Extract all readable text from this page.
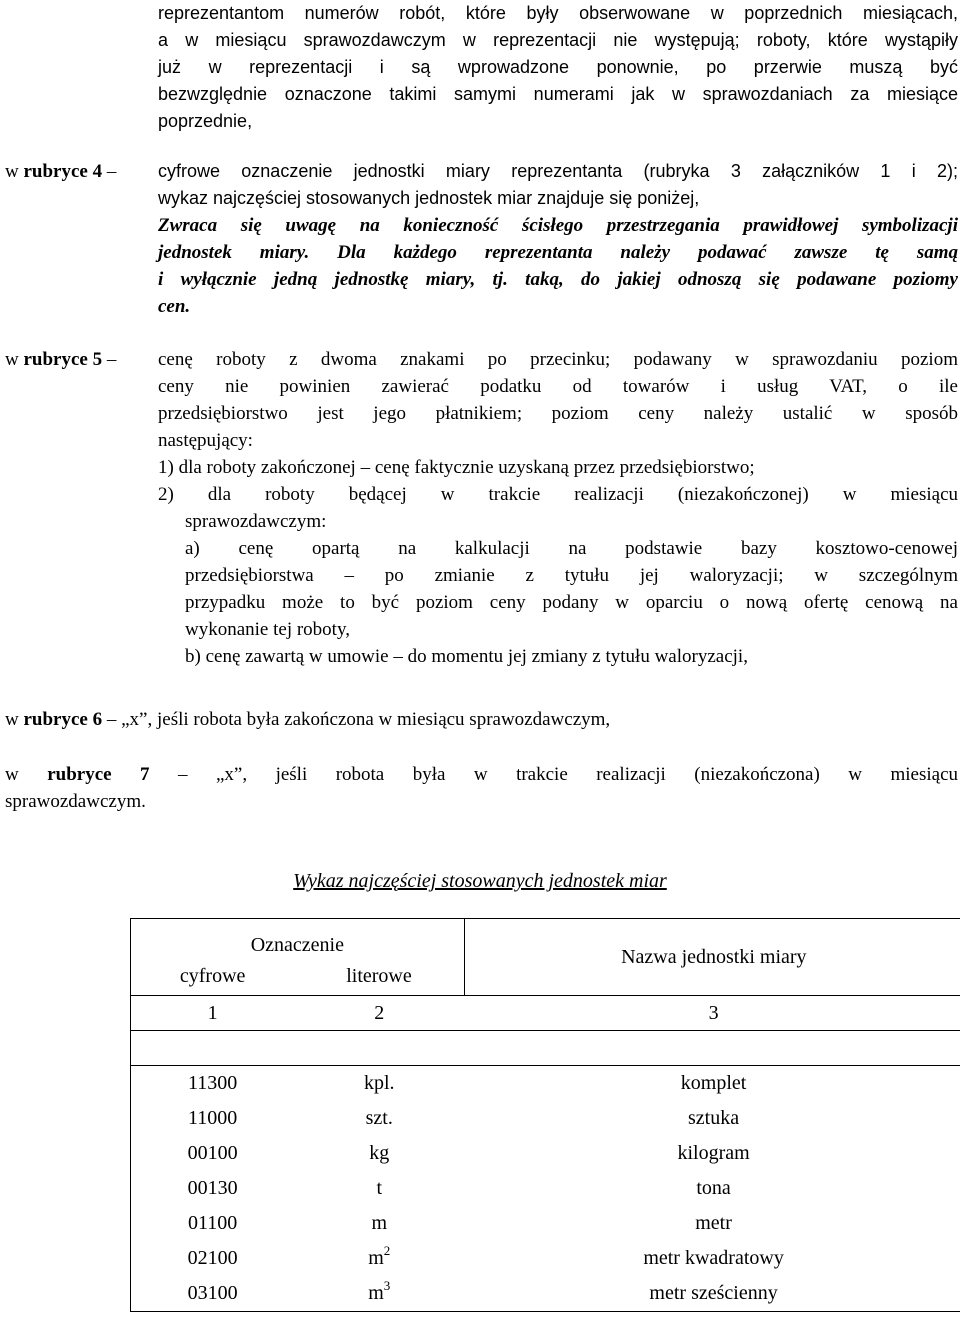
reprezentantom numerów robót, które były obserwowane w poprzednich miesiącach,

a w miesiącu sprawozdawczym w reprezentacji nie występują; roboty, które wystąpiły

już w reprezentacji i są wprowadzone ponownie, po przerwie muszą być

bezwzględnie oznaczone takimi samymi numerami jak w sprawozdaniach za miesiące

poprzednie,

w rubryce 4 – cyfrowe oznaczenie jednostki miary reprezentanta (rubryka 3 załączników 1 i 2);

wykaz najczęściej stosowanych jednostek miar znajduje się poniżej,

Zwraca się uwagę na konieczność ścisłego przestrzegania prawidłowej symbolizacji

jednostek miary. Dla każdego reprezentanta należy podawać zawsze tę samą

i wyłącznie jedną jednostkę miary, tj. taką, do jakiej odnoszą się podawane poziomy

cen.

w rubryce 5 – cenę roboty z dwoma znakami po przecinku; podawany w sprawozdaniu poziom

ceny nie powinien zawierać podatku od towarów i usług VAT, o ile

przedsiębiorstwo jest jego płatnikiem; poziom ceny należy ustalić w sposób

następujący:

1) dla roboty zakończonej – cenę faktycznie uzyskaną przez przedsiębiorstwo;

2) dla roboty będącej w trakcie realizacji (niezakończonej) w miesiącu

sprawozdawczym:

a) cenę opartą na kalkulacji na podstawie bazy kosztowo-cenowej

przedsiębiorstwa – po zmianie z tytułu jej waloryzacji; w szczególnym

przypadku może to być poziom ceny podany w oparciu o nową ofertę cenową na

wykonanie tej roboty,

b) cenę zawartą w umowie – do momentu jej zmiany z tytułu waloryzacji,

w rubryce 6 – „x”, jeśli robota była zakończona w miesiącu sprawozdawczym,

w rubryce 7 – „x”, jeśli robota była w trakcie realizacji (niezakończona) w miesiącu

sprawozdawczym.

Wykaz najczęściej stosowanych jednostek miar
Oznaczenie		Nazwa jednostki miary
cyfrowe	literowe	
1	2	3

11300	kpl.	komplet
11000	szt.	sztuka
00100	kg	kilogram
00130	t	tona
01100	m	metr
02100	$m^2$	metr kwadratowy
03100	$m^3$	metr sześcienny
